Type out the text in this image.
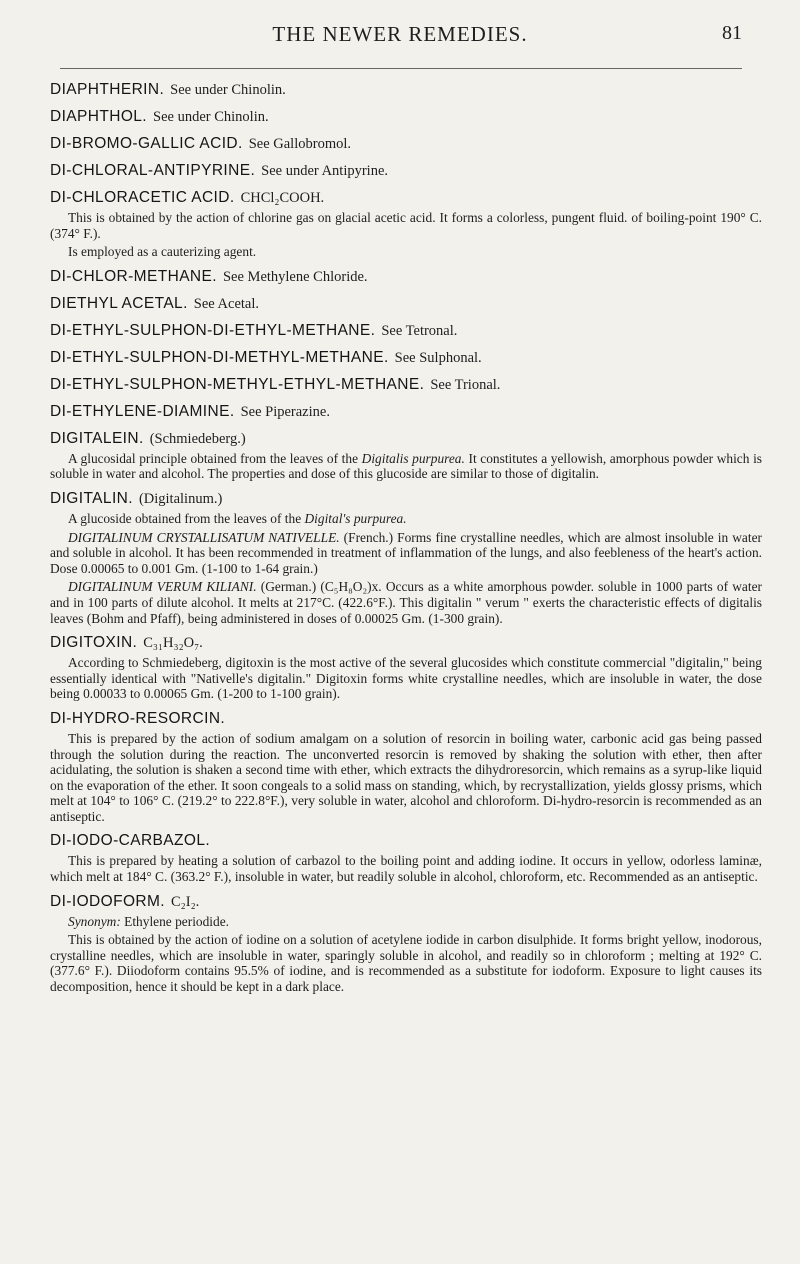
THE NEWER REMEDIES.	81
DIAPHTHERIN. See under Chinolin.
DIAPHTHOL. See under Chinolin.
DI-BROMO-GALLIC ACID. See Gallobromol.
DI-CHLORAL-ANTIPYRINE. See under Antipyrine.
DI-CHLORACETIC ACID. CHCl₂COOH.

This is obtained by the action of chlorine gas on glacial acetic acid. It forms a colorless, pungent fluid. of boiling-point 190° C. (374° F.).

Is employed as a cauterizing agent.

DI-CHLOR-METHANE. See Methylene Chloride.
DIETHYL ACETAL. See Acetal.
DI-ETHYL-SULPHON-DI-ETHYL-METHANE. See Tetronal.
DI-ETHYL-SULPHON-DI-METHYL-METHANE. See Sulphonal.
DI-ETHYL-SULPHON-METHYL-ETHYL-METHANE. See Trional.
DI-ETHYLENE-DIAMINE. See Piperazine.
DIGITALEIN. (Schmiedeberg.)

A glucosidal principle obtained from the leaves of the Digitalis purpurea. It constitutes a yellowish, amorphous powder which is soluble in water and alcohol. The properties and dose of this glucoside are similar to those of digitalin.

DIGITALIN. (Digitalinum.)

A glucoside obtained from the leaves of the Digital's purpurea.

DIGITALINUM CRYSTALLISATUM NATIVELLE. (French.) Forms fine crystalline needles, which are almost insoluble in water and soluble in alcohol. It has been recommended in treatment of inflammation of the lungs, and also feebleness of the heart's action. Dose 0.00065 to 0.001 Gm. (1-100 to 1-64 grain.)

DIGITALINUM VERUM KILIANI. (German.) (C₅H₈O₂)x. Occurs as a white amorphous powder. soluble in 1000 parts of water and in 100 parts of dilute alcohol. It melts at 217°C. (422.6°F.). This digitalin " verum " exerts the characteristic effects of digitalis leaves (Bohm and Pfaff), being administered in doses of 0.00025 Gm. (1-300 grain).

DIGITOXIN. C₃₁H₃₂O₇.

According to Schmiedeberg, digitoxin is the most active of the several glucosides which constitute commercial "digitalin," being essentially identical with "Nativelle's digitalin." Digitoxin forms white crystalline needles, which are insoluble in water, the dose being 0.00033 to 0.00065 Gm. (1-200 to 1-100 grain).

DI-HYDRO-RESORCIN.

This is prepared by the action of sodium amalgam on a solution of resorcin in boiling water, carbonic acid gas being passed through the solution during the reaction. The unconverted resorcin is removed by shaking the solution with ether, then after acidulating, the solution is shaken a second time with ether, which extracts the dihydroresorcin, which remains as a syrup-like liquid on the evaporation of the ether. It soon congeals to a solid mass on standing, which, by recrystallization, yields glossy prisms, which melt at 104° to 106° C. (219.2° to 222.8°F.), very soluble in water, alcohol and chloroform. Di-hydro-resorcin is recommended as an antiseptic.

DI-IODO-CARBAZOL.

This is prepared by heating a solution of carbazol to the boiling point and adding iodine. It occurs in yellow, odorless laminæ, which melt at 184° C. (363.2° F.), insoluble in water, but readily soluble in alcohol, chloroform, etc. Recommended as an antiseptic.

DI-IODOFORM. C₂I₂.

Synonym: Ethylene periodide.

This is obtained by the action of iodine on a solution of acetylene iodide in carbon disulphide. It forms bright yellow, inodorous, crystalline needles, which are insoluble in water, sparingly soluble in alcohol, and readily so in chloroform ; melting at 192° C. (377.6° F.). Diiodoform contains 95.5% of iodine, and is recommended as a substitute for iodoform. Exposure to light causes its decomposition, hence it should be kept in a dark place.
